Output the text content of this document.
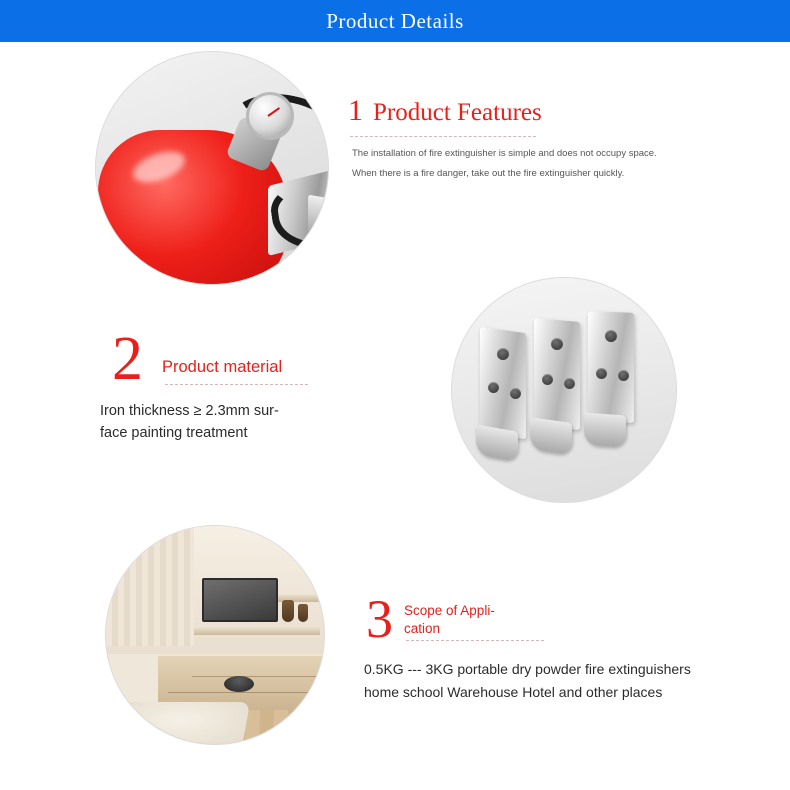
Product Details
1 Product Features
The installation of fire extinguisher is simple and does not occupy space.
When there is a fire danger, take out the fire extinguisher quickly.
2 Product material
Iron thickness ≥ 2.3mm sur-
face painting treatment
3 Scope of Appli-
cation
0.5KG --- 3KG portable dry powder fire extinguishers
home school Warehouse Hotel and other places
